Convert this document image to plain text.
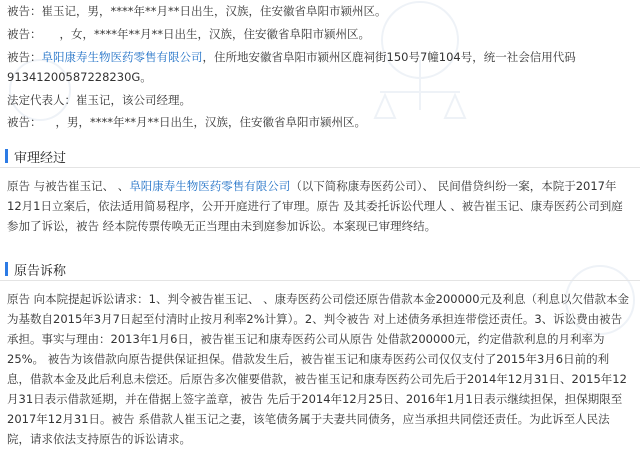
被告：崔玉记，男，****年**月**日出生，汉族，住安徽省阜阳市颍州区。
被告： ，女，****年**月**日出生，汉族，住安徽省阜阳市颍州区。
被告：阜阳康寿生物医药零售有限公司，住所地安徽省阜阳市颍州区鹿祠街150号7幢104号，统一社会信用代码
91341200587228230G。
法定代表人：崔玉记，该公司经理。
被告： ，男，****年**月**日出生，汉族，住安徽省阜阳市颍州区。
审理经过
原告 与被告崔玉记、 、阜阳康寿生物医药零售有限公司（以下简称康寿医药公司）、 民间借贷纠纷一案，本院于2017年12月1日立案后，依法适用简易程序，公开开庭进行了审理。原告 及其委托诉讼代理人 、被告崔玉记、康寿医药公司到庭参加了诉讼，被告 经本院传票传唤无正当理由未到庭参加诉讼。本案现已审理终结。
原告诉称
原告 向本院提起诉讼请求：1、判令被告崔玉记、 、康寿医药公司偿还原告借款本金200000元及利息（利息以欠借款本金为基数自2015年3月7日起至付清时止按月利率2%计算）。2、判令被告 对上述债务承担连带偿还责任。3、诉讼费由被告承担。事实与理由：2013年1月6日，被告崔玉记和康寿医药公司从原告 处借款200000元，约定借款利息的月利率为25%。 被告为该借款向原告提供保证担保。借款发生后，被告崔玉记和康寿医药公司仅仅支付了2015年3月6日前的利息，借款本金及此后利息未偿还。后原告多次催要借款，被告崔玉记和康寿医药公司先后于2014年12月31日、2015年12月31日表示借款延期，并在借据上签字盖章，被告 先后于2014年12月25日、2016年1月1日表示继续担保，担保期限至2017年12月31日。被告 系借款人崔玉记之妻，该笔债务属于夫妻共同债务，应当承担共同偿还责任。为此诉至人民法院，请求依法支持原告的诉讼请求。
